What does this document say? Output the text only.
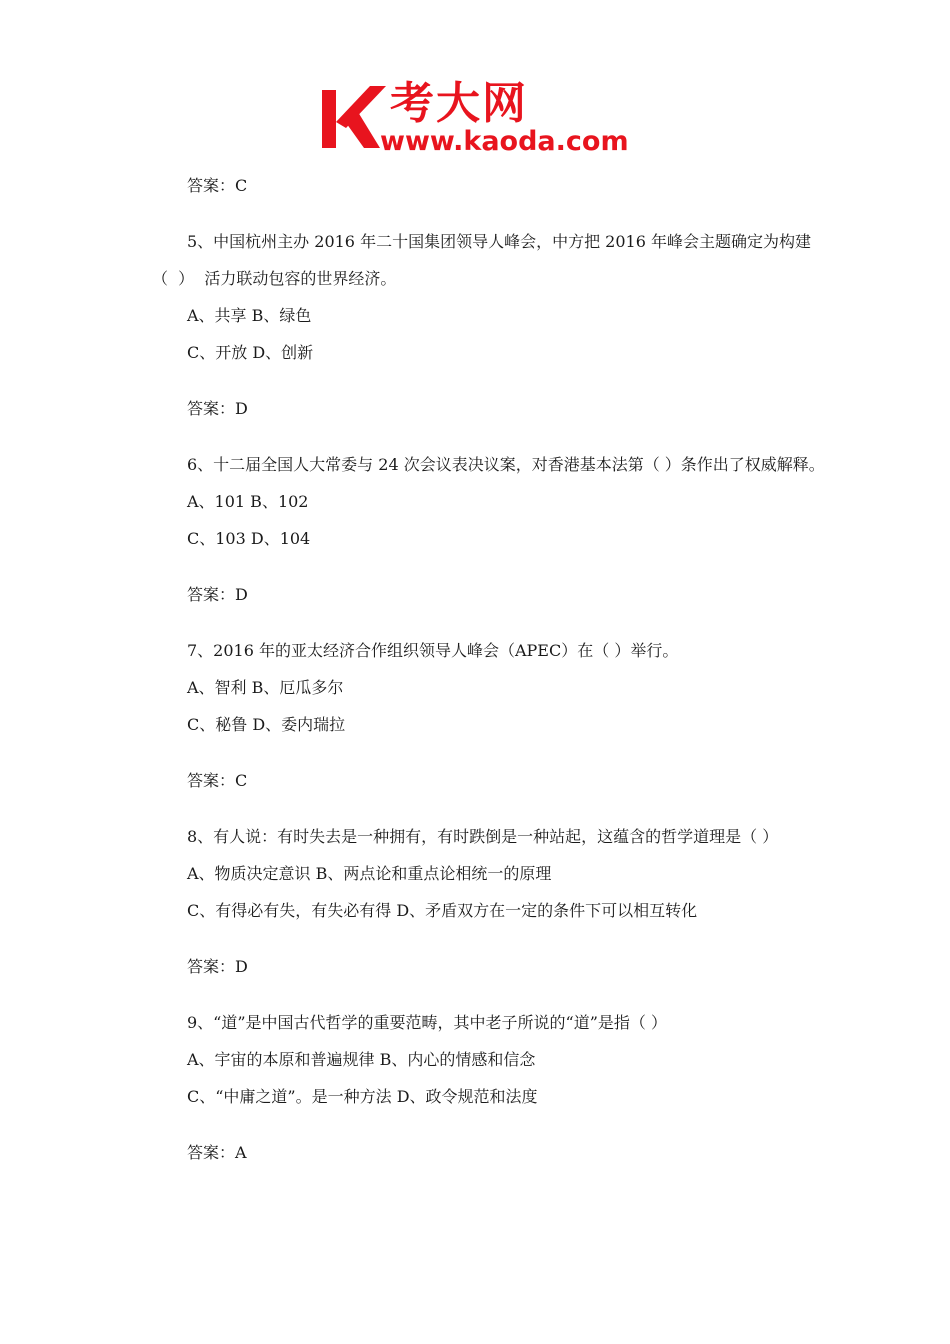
考大网
www.kaoda.com
答案：C
5、中国杭州主办 2016 年二十国集团领导人峰会，中方把 2016 年峰会主题确定为构建
（  ）  活力联动包容的世界经济。
A、共享 B、绿色
C、开放 D、创新
答案：D
6、十二届全国人大常委与 24 次会议表决议案，对香港基本法第（ ）条作出了权威解释。
A、101 B、102
C、103 D、104
答案：D
7、2016 年的亚太经济合作组织领导人峰会（APEC）在（ ）举行。
A、智利 B、厄瓜多尔
C、秘鲁 D、委内瑞拉
答案：C
8、有人说：有时失去是一种拥有，有时跌倒是一种站起，这蕴含的哲学道理是（ ）
A、物质决定意识 B、两点论和重点论相统一的原理
C、有得必有失，有失必有得 D、矛盾双方在一定的条件下可以相互转化
答案：D
9、“道”是中国古代哲学的重要范畴，其中老子所说的“道”是指（ ）
A、宇宙的本原和普遍规律 B、内心的情感和信念
C、“中庸之道”。是一种方法 D、政令规范和法度
答案：A
